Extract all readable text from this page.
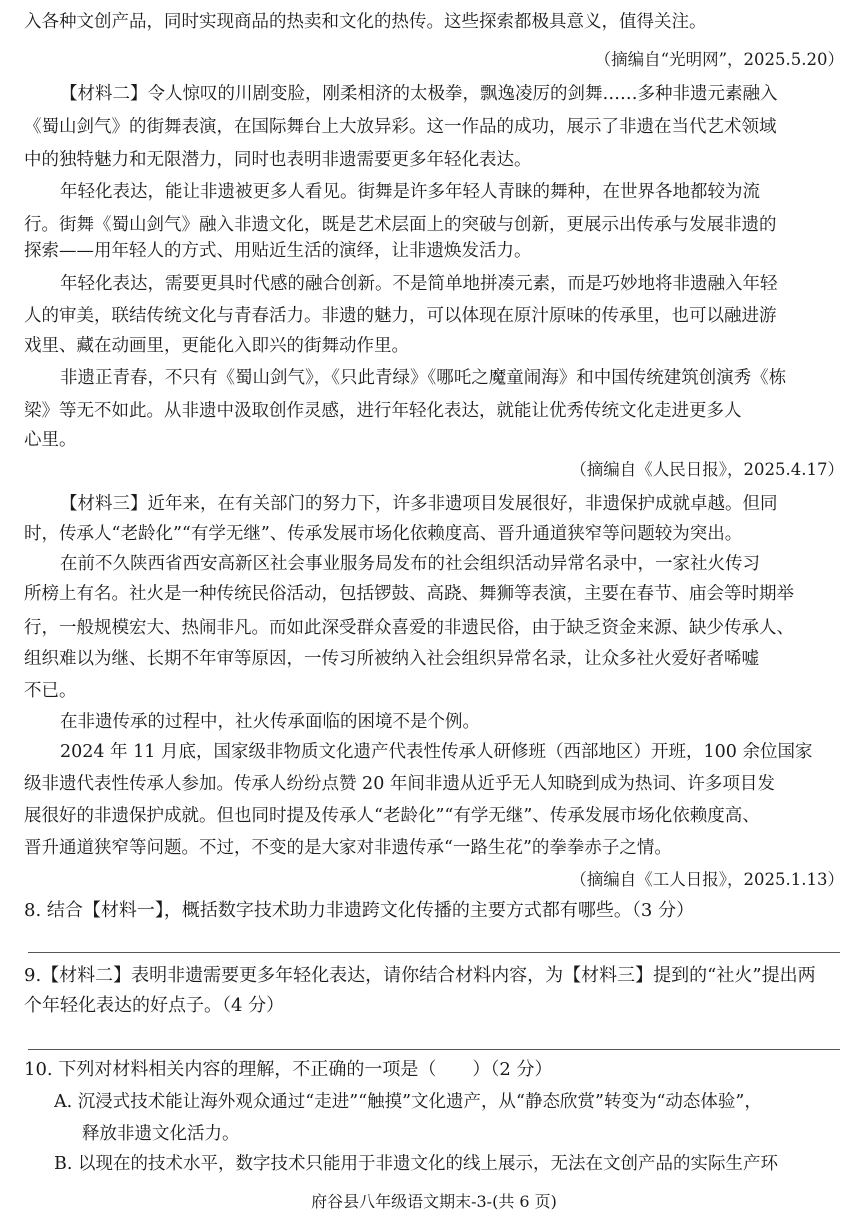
入各种文创产品，同时实现商品的热卖和文化的热传。这些探索都极具意义，值得关注。
（摘编自“光明网”，2025.5.20）
【材料二】令人惊叹的川剧变脸，刚柔相济的太极拳，飘逸凌厉的剑舞……多种非遗元素融入
《蜀山剑气》的街舞表演，在国际舞台上大放异彩。这一作品的成功，展示了非遗在当代艺术领域
中的独特魅力和无限潜力，同时也表明非遗需要更多年轻化表达。
年轻化表达，能让非遗被更多人看见。街舞是许多年轻人青睐的舞种，在世界各地都较为流
行。街舞《蜀山剑气》融入非遗文化，既是艺术层面上的突破与创新，更展示出传承与发展非遗的
探索——用年轻人的方式、用贴近生活的演绎，让非遗焕发活力。
年轻化表达，需要更具时代感的融合创新。不是简单地拼凑元素，而是巧妙地将非遗融入年轻
人的审美，联结传统文化与青春活力。非遗的魅力，可以体现在原汁原味的传承里，也可以融进游
戏里、藏在动画里，更能化入即兴的街舞动作里。
非遗正青春，不只有《蜀山剑气》，《只此青绿》《哪吒之魔童闹海》和中国传统建筑创演秀《栋
梁》等无不如此。从非遗中汲取创作灵感，进行年轻化表达，就能让优秀传统文化走进更多人
心里。
（摘编自《人民日报》，2025.4.17）
【材料三】近年来，在有关部门的努力下，许多非遗项目发展很好，非遗保护成就卓越。但同
时，传承人“老龄化”“有学无继”、传承发展市场化依赖度高、晋升通道狭窄等问题较为突出。
在前不久陕西省西安高新区社会事业服务局发布的社会组织活动异常名录中，一家社火传习
所榜上有名。社火是一种传统民俗活动，包括锣鼓、高跷、舞狮等表演，主要在春节、庙会等时期举
行，一般规模宏大、热闹非凡。而如此深受群众喜爱的非遗民俗，由于缺乏资金来源、缺少传承人、
组织难以为继、长期不年审等原因，一传习所被纳入社会组织异常名录，让众多社火爱好者唏嘘
不已。
在非遗传承的过程中，社火传承面临的困境不是个例。
2024 年 11 月底，国家级非物质文化遗产代表性传承人研修班（西部地区）开班，100 余位国家
级非遗代表性传承人参加。传承人纷纷点赞 20 年间非遗从近乎无人知晓到成为热词、许多项目发
展很好的非遗保护成就。但也同时提及传承人“老龄化”“有学无继”、传承发展市场化依赖度高、
晋升通道狭窄等问题。不过，不变的是大家对非遗传承“一路生花”的拳拳赤子之情。
（摘编自《工人日报》，2025.1.13）
8. 结合【材料一】，概括数字技术助力非遗跨文化传播的主要方式都有哪些。（3 分）
9.【材料二】表明非遗需要更多年轻化表达，请你结合材料内容，为【材料三】提到的“社火”提出两
个年轻化表达的好点子。（4 分）
10. 下列对材料相关内容的理解，不正确的一项是（　　）（2 分）
A. 沉浸式技术能让海外观众通过“走进”“触摸”文化遗产，从“静态欣赏”转变为“动态体验”，
释放非遗文化活力。
B. 以现在的技术水平，数字技术只能用于非遗文化的线上展示，无法在文创产品的实际生产环
府谷县八年级语文期末-3-(共 6 页)
